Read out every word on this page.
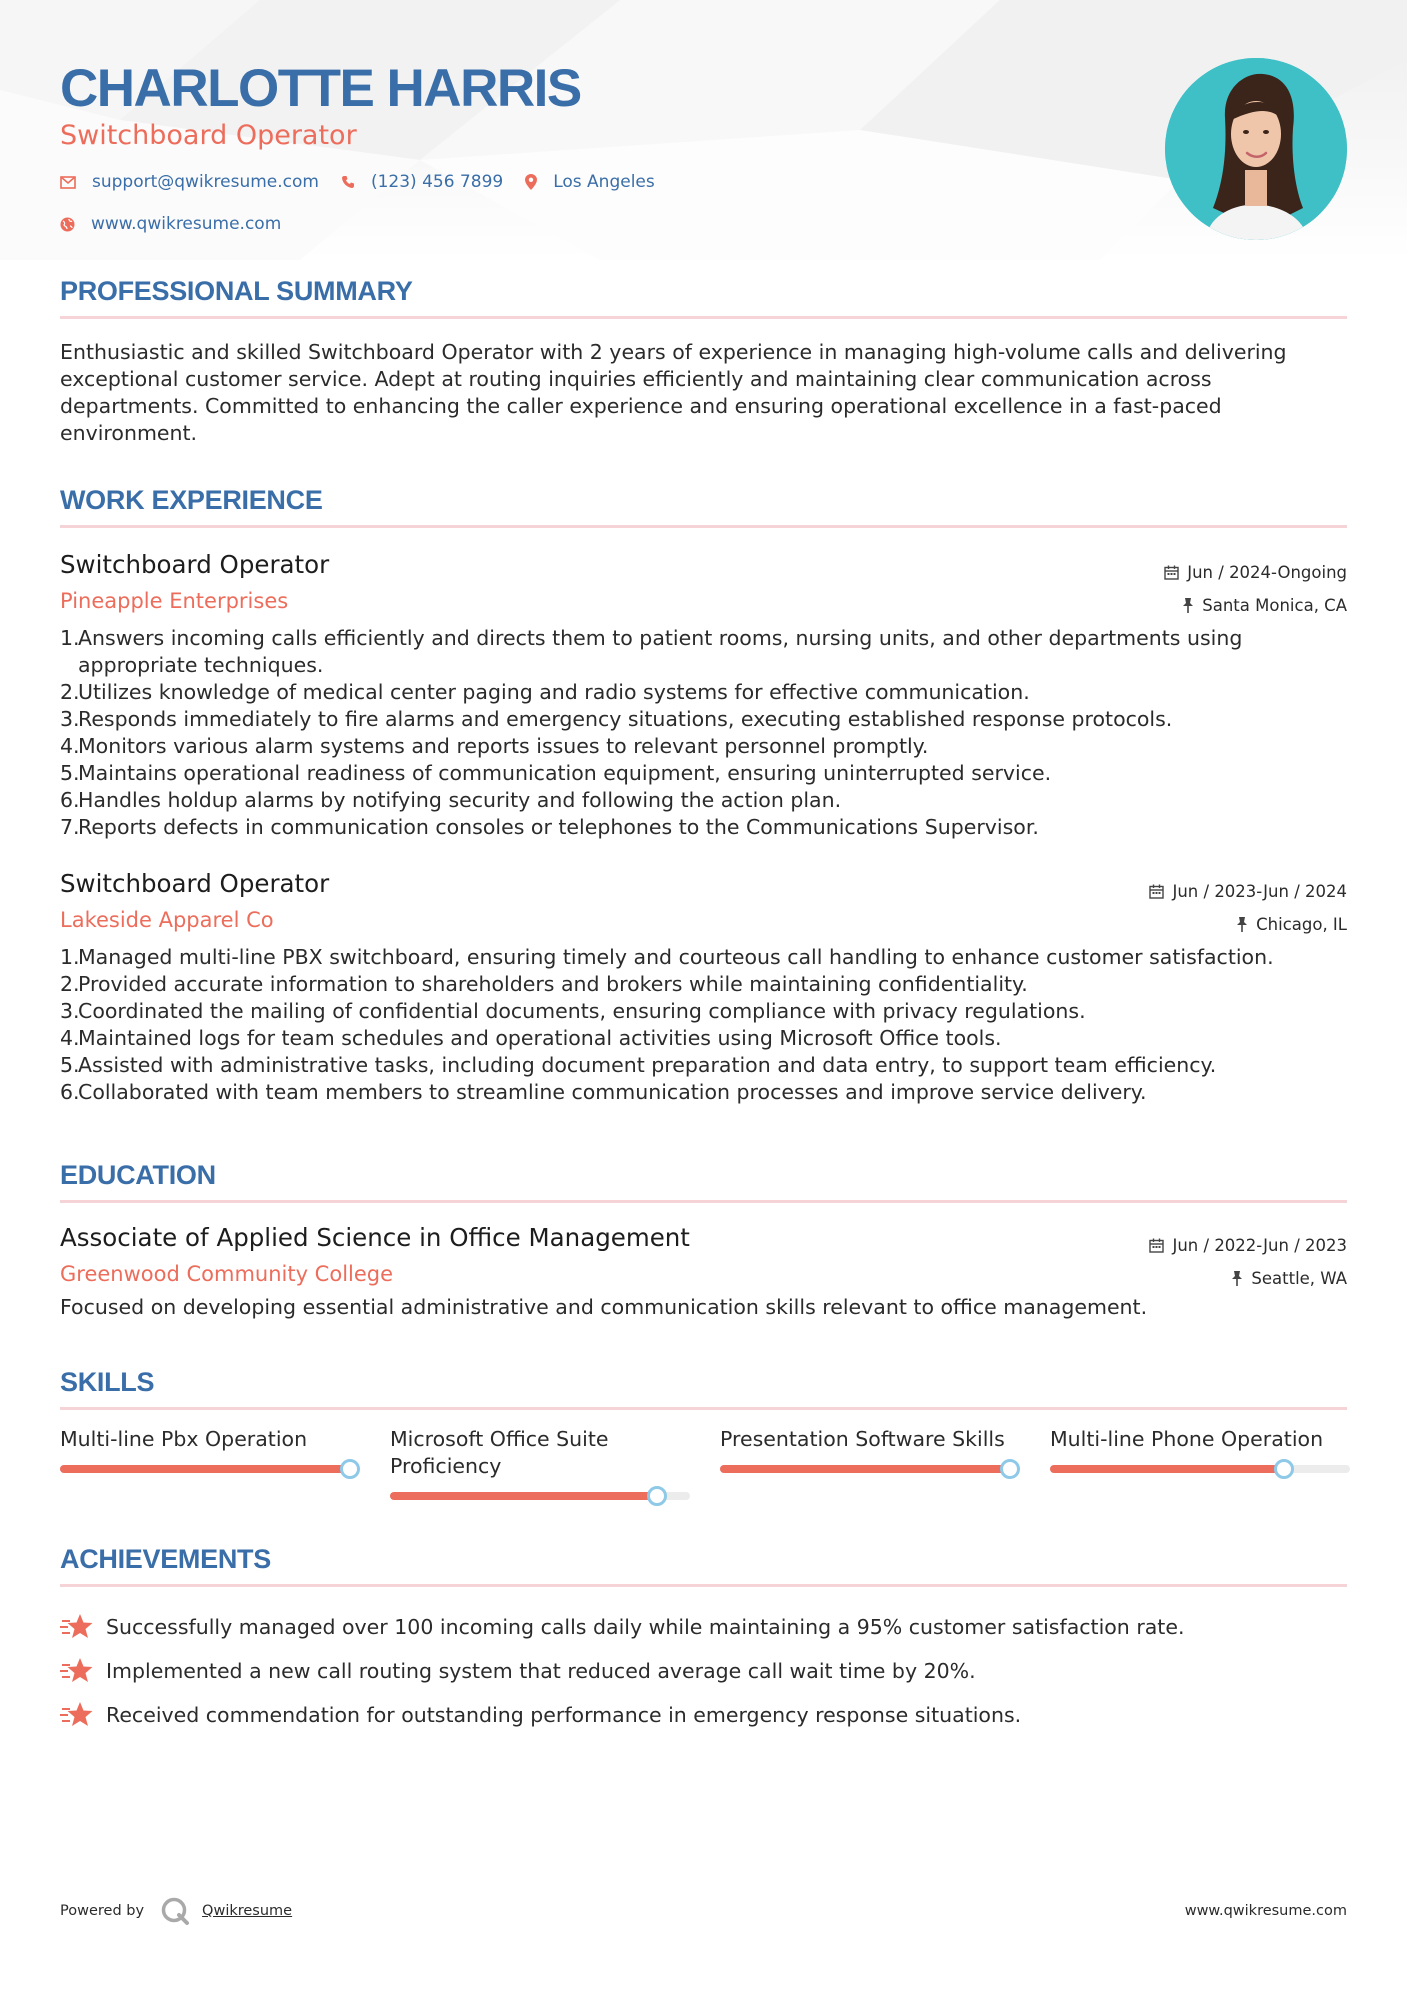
CHARLOTTE HARRIS
Switchboard Operator
support@qwikresume.com	(123) 456 7899	Los Angeles
www.qwikresume.com
PROFESSIONAL SUMMARY
Enthusiastic and skilled Switchboard Operator with 2 years of experience in managing high-volume calls and delivering exceptional customer service. Adept at routing inquiries efficiently and maintaining clear communication across departments. Committed to enhancing the caller experience and ensuring operational excellence in a fast-paced environment.
WORK EXPERIENCE
Switchboard Operator
Pineapple Enterprises
Jun / 2024-Ongoing
Santa Monica, CA
1.
Answers incoming calls efficiently and directs them to patient rooms, nursing units, and other departments using appropriate techniques.
2.
Utilizes knowledge of medical center paging and radio systems for effective communication.
3.
Responds immediately to fire alarms and emergency situations, executing established response protocols.
4.
Monitors various alarm systems and reports issues to relevant personnel promptly.
5.
Maintains operational readiness of communication equipment, ensuring uninterrupted service.
6.
Handles holdup alarms by notifying security and following the action plan.
7.
Reports defects in communication consoles or telephones to the Communications Supervisor.
Switchboard Operator
Lakeside Apparel Co
Jun / 2023-Jun / 2024
Chicago, IL
1.
Managed multi-line PBX switchboard, ensuring timely and courteous call handling to enhance customer satisfaction.
2.
Provided accurate information to shareholders and brokers while maintaining confidentiality.
3.
Coordinated the mailing of confidential documents, ensuring compliance with privacy regulations.
4.
Maintained logs for team schedules and operational activities using Microsoft Office tools.
5.
Assisted with administrative tasks, including document preparation and data entry, to support team efficiency.
6.
Collaborated with team members to streamline communication processes and improve service delivery.
EDUCATION
Associate of Applied Science in Office Management
Greenwood Community College
Jun / 2022-Jun / 2023
Seattle, WA
Focused on developing essential administrative and communication skills relevant to office management.
SKILLS
Multi-line Pbx Operation	Microsoft Office Suite Proficiency
Presentation Software Skills	Multi-line Phone Operation
ACHIEVEMENTS
Successfully managed over 100 incoming calls daily while maintaining a 95% customer satisfaction rate.
Implemented a new call routing system that reduced average call wait time by 20%.
Received commendation for outstanding performance in emergency response situations.
Powered by	Qwikresume	www.qwikresume.com
